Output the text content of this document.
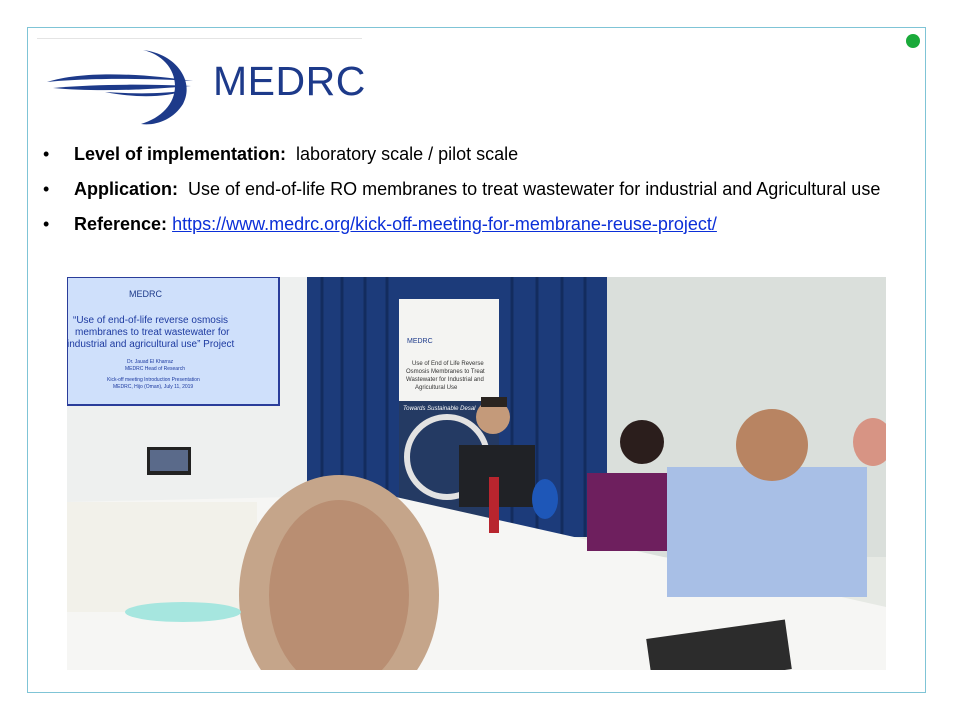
MEDRC
• Level of implementation: laboratory scale / pilot scale
• Application: Use of end-of-life RO membranes to treat wastewater for industrial and Agricultural use
• Reference: https://www.medrc.org/kick-off-meeting-for-membrane-reuse-project/
MEDRC
“Use of end-of-life reverse osmosis
membranes to treat wastewater for
industrial and agricultural use” Project
Dr. Jauad El Kharraz
MEDRC Head of Research
Kick-off meeting Introduction Presentation
MEDRC, Hijo (Oman), July 11, 2019
MEDRC
Use of End of Life Reverse
Osmosis Membranes to Treat
Wastewater for Industrial and
Agricultural Use
Towards Sustainable Desal
